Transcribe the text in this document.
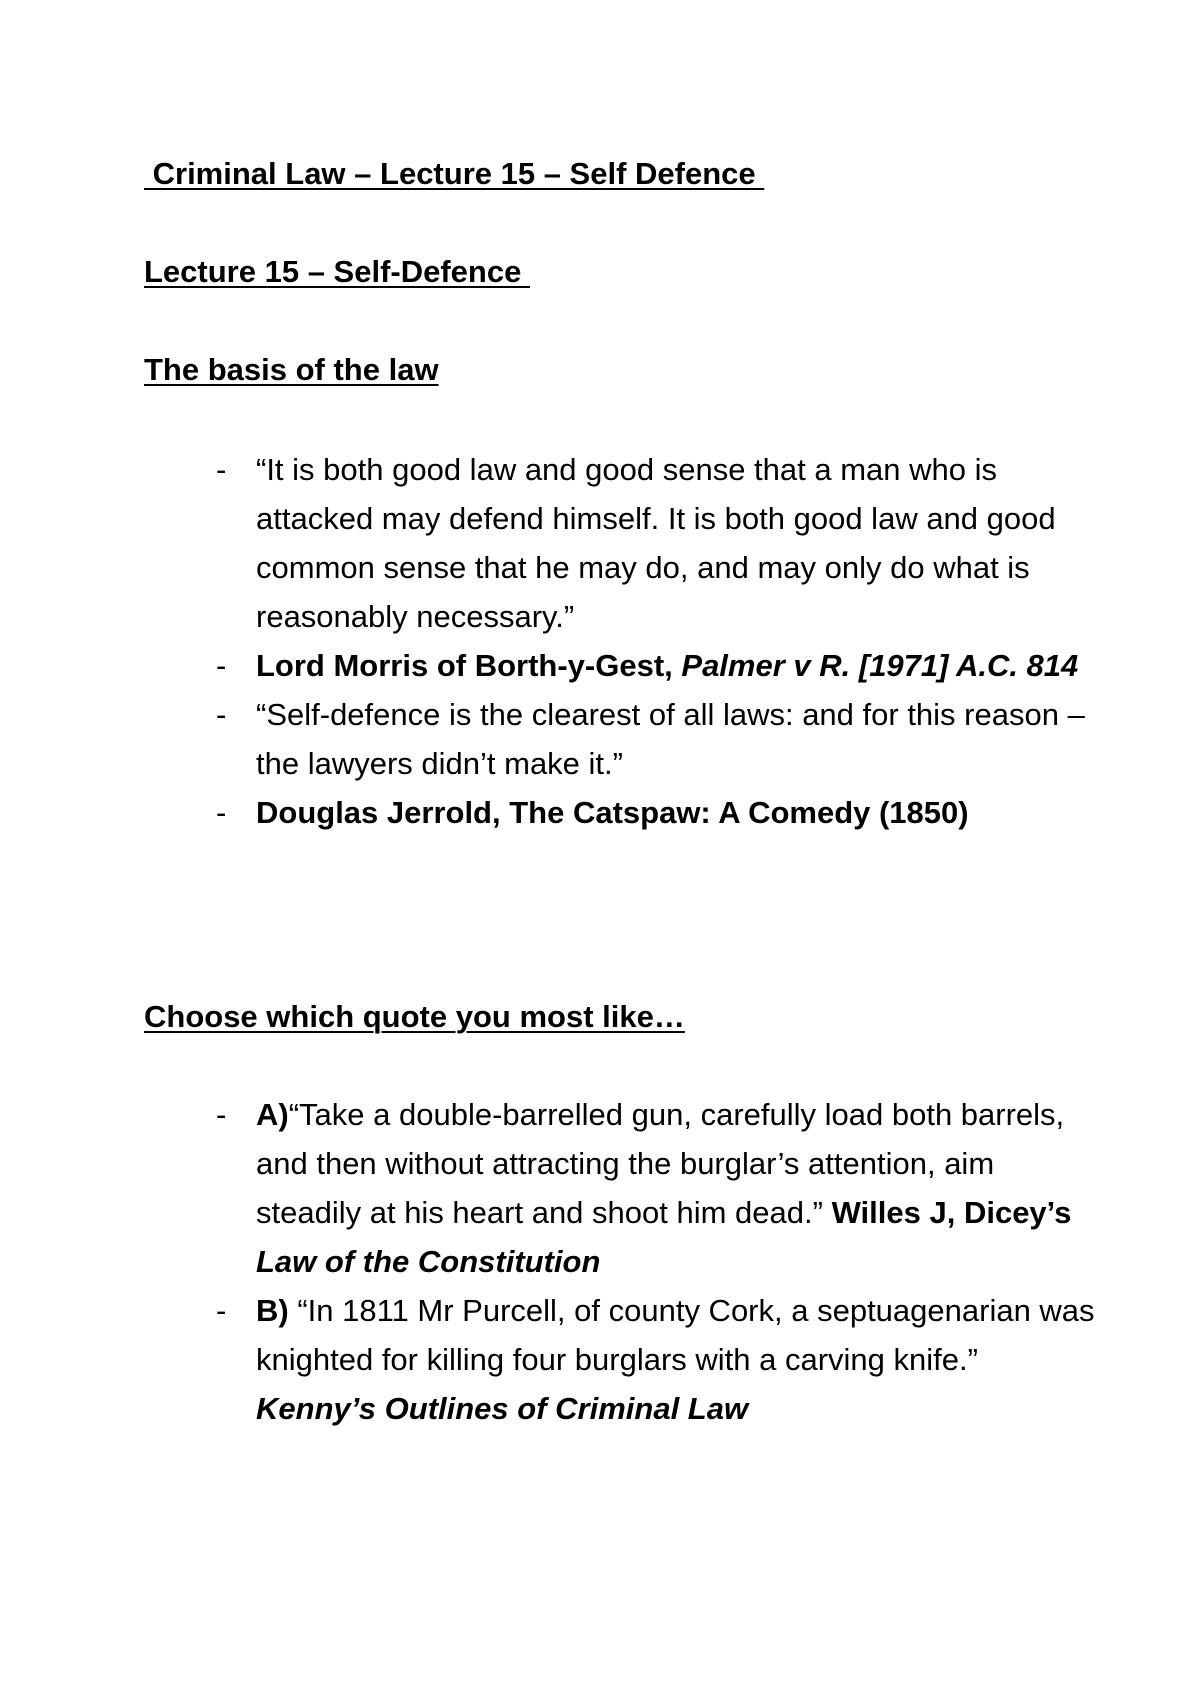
Criminal Law – Lecture 15 – Self Defence
Lecture 15 – Self-Defence
The basis of the law
- “It is both good law and good sense that a man who is attacked may defend himself. It is both good law and good common sense that he may do, and may only do what is reasonably necessary.”
- Lord Morris of Borth-y-Gest, Palmer v R. [1971] A.C. 814
- “Self-defence is the clearest of all laws: and for this reason – the lawyers didn’t make it.”
- Douglas Jerrold, The Catspaw: A Comedy (1850)
Choose which quote you most like…
- A)“Take a double-barrelled gun, carefully load both barrels, and then without attracting the burglar’s attention, aim steadily at his heart and shoot him dead.” Willes J, Dicey’s Law of the Constitution
- B) “In 1811 Mr Purcell, of county Cork, a septuagenarian was knighted for killing four burglars with a carving knife.” Kenny’s Outlines of Criminal Law
